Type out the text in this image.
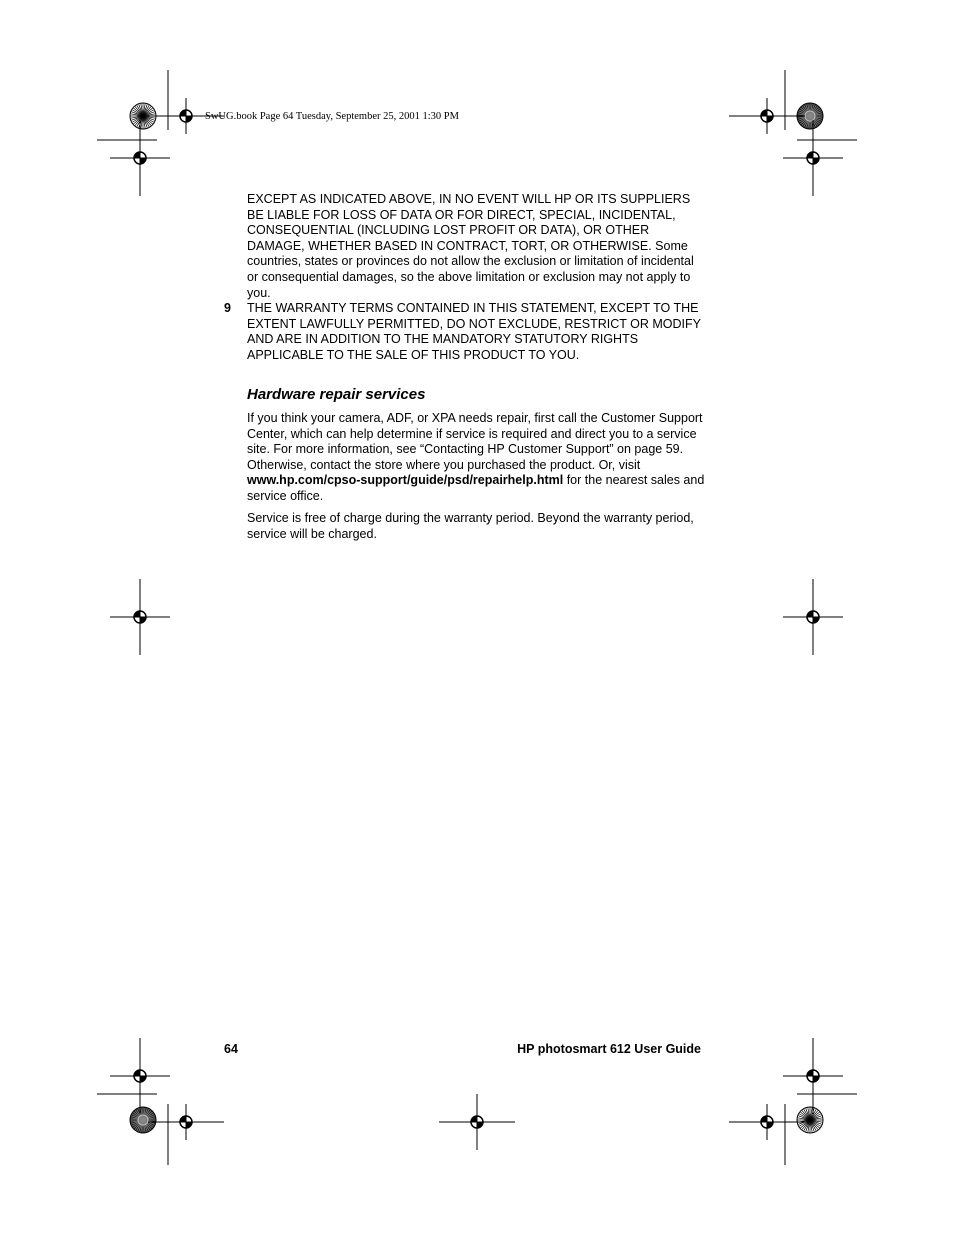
SwUG.book Page 64 Tuesday, September 25, 2001 1:30 PM

EXCEPT AS INDICATED ABOVE, IN NO EVENT WILL HP OR ITS SUPPLIERS BE LIABLE FOR LOSS OF DATA OR FOR DIRECT, SPECIAL, INCIDENTAL, CONSEQUENTIAL (INCLUDING LOST PROFIT OR DATA), OR OTHER DAMAGE, WHETHER BASED IN CONTRACT, TORT, OR OTHERWISE. Some countries, states or provinces do not allow the exclusion or limitation of incidental or consequential damages, so the above limitation or exclusion may not apply to you.

9 THE WARRANTY TERMS CONTAINED IN THIS STATEMENT, EXCEPT TO THE EXTENT LAWFULLY PERMITTED, DO NOT EXCLUDE, RESTRICT OR MODIFY AND ARE IN ADDITION TO THE MANDATORY STATUTORY RIGHTS APPLICABLE TO THE SALE OF THIS PRODUCT TO YOU.

Hardware repair services

If you think your camera, ADF, or XPA needs repair, first call the Customer Support Center, which can help determine if service is required and direct you to a service site. For more information, see “Contacting HP Customer Support” on page 59. Otherwise, contact the store where you purchased the product. Or, visit www.hp.com/cpso-support/guide/psd/repairhelp.html for the nearest sales and service office.

Service is free of charge during the warranty period. Beyond the warranty period, service will be charged.

64	HP photosmart 612 User Guide
